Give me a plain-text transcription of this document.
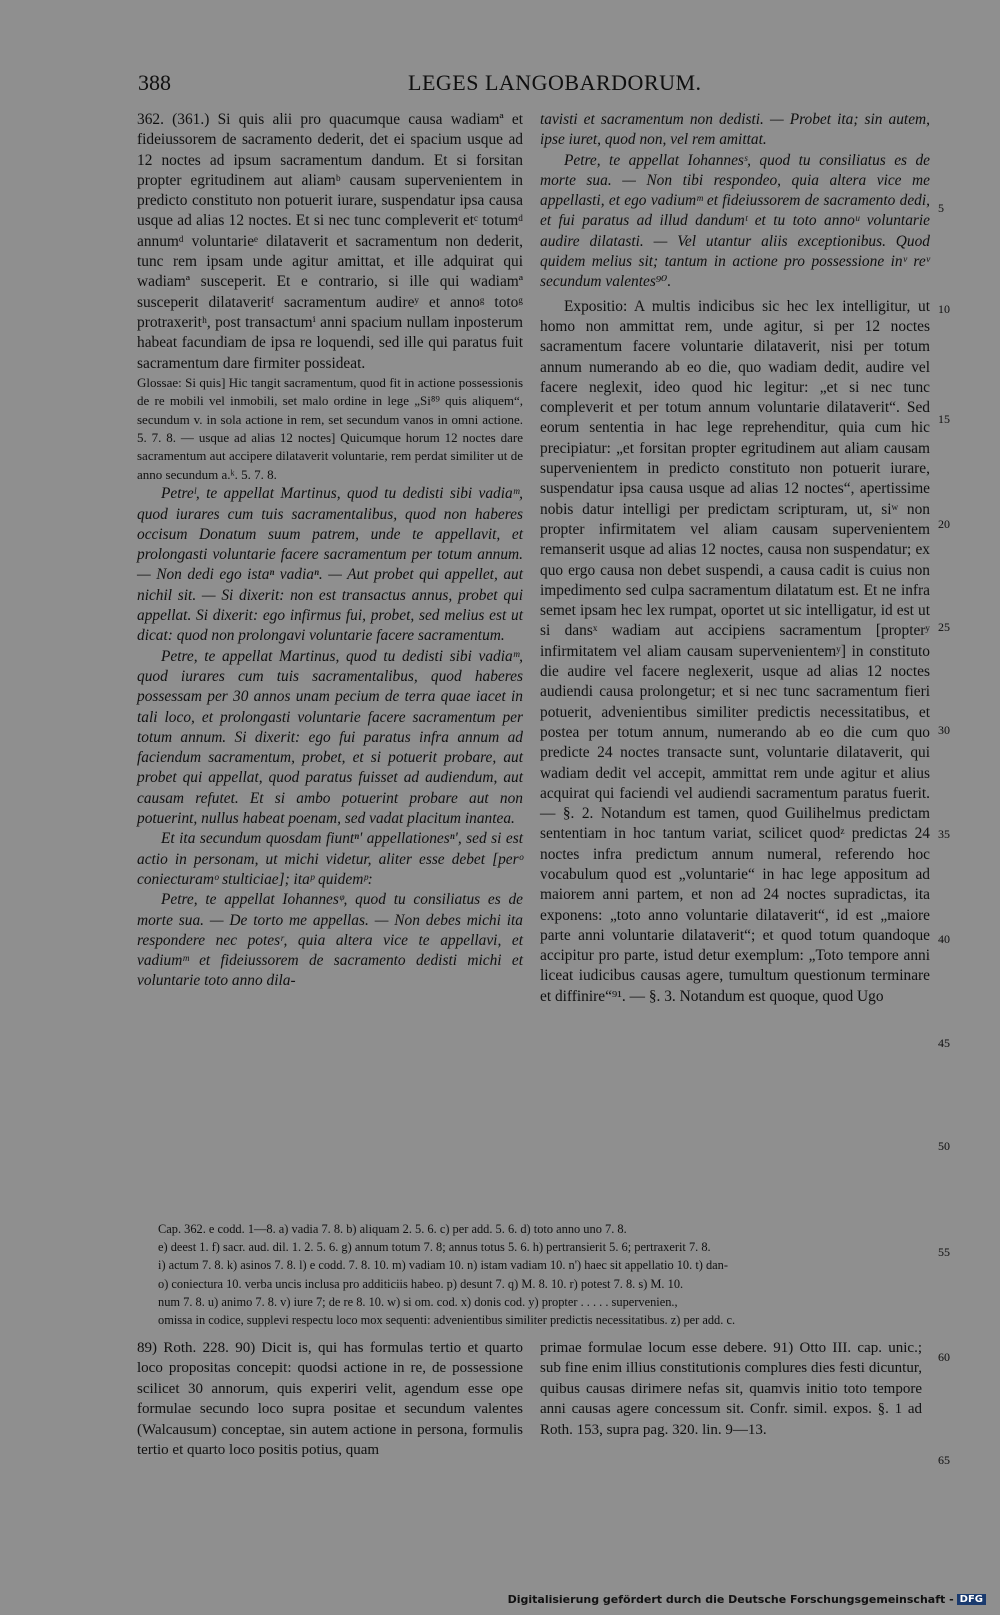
388	LEGES LANGOBARDORUM.

362. (361.) Si quis alii pro quacumque causa wadiamª et fideiussorem de sacramento dederit, det ei spacium usque ad 12 noctes ad ipsum sacramentum dandum. Et si forsitan propter egritudinem aut aliamᵇ causam supervenientem in predicto constituto non potuerit iurare, suspendatur ipsa causa usque ad alias 12 noctes. Et si nec tunc compleverit etᶜ totumᵈ annumᵈ voluntarieᵉ dilataverit et sacramentum non dederit, tunc rem ipsam unde agitur amittat, et ille adquirat qui wadiamª susceperit. Et e contrario, si ille qui wadiamª susceperit dilataveritᶠ sacramentum audireʸ et annoᵍ totoᵍ protraxeritʰ, post transactumⁱ anni spacium nullam inposterum habeat facundiam de ipsa re loquendi, sed ille qui paratus fuit sacramentum dare firmiter possideat.

Glossae: Si quis] Hic tangit sacramentum, quod fit in actione possessionis de re mobili vel inmobili, set malo ordine in lege „Si⁸⁹ quis aliquem“, secundum v. in sola actione in rem, set secundum vanos in omni actione. 5. 7. 8. — usque ad alias 12 noctes] Quicumque horum 12 noctes dare sacramentum aut accipere dilataverit voluntarie, rem perdat similiter ut de anno secundum a.ᵏ. 5. 7. 8.

Petreˡ, te appellat Martinus, quod tu dedisti sibi vadiaᵐ, quod iurares cum tuis sacramentalibus, quod non haberes occisum Donatum suum patrem, unde te appellavit, et prolongasti voluntarie facere sacramentum per totum annum. — Non dedi ego istaⁿ vadiaⁿ. — Aut probet qui appellet, aut nichil sit. — Si dixerit: non est transactus annus, probet qui appellat. Si dixerit: ego infirmus fui, probet, sed melius est ut dicat: quod non prolongavi voluntarie facere sacramentum.

Petre, te appellat Martinus, quod tu dedisti sibi vadiaᵐ, quod iurares cum tuis sacramentalibus, quod haberes possessam per 30 annos unam pecium de terra quae iacet in tali loco, et prolongasti voluntarie facere sacramentum per totum annum. Si dixerit: ego fui paratus infra annum ad faciendum sacramentum, probet, et si potuerit probare, aut probet qui appellat, quod paratus fuisset ad audiendum, aut causam refutet. Et si ambo potuerint probare aut non potuerint, nullus habeat poenam, sed vadat placitum inantea.

Et ita secundum quosdam fiuntⁿ' appellationesⁿ', sed si est actio in personam, ut michi videtur, aliter esse debet [perᵒ coniecturamᵒ stulticiae]; itaᵖ quidemᵖ:

Petre, te appellat Iohannesᵠ, quod tu consiliatus es de morte sua. — De torto me appellas. — Non debes michi ita respondere nec potesʳ, quia altera vice te appellavi, et vadiumᵐ et fideiussorem de sacramento dedisti michi et voluntarie toto anno dila-

tavisti et sacramentum non dedisti. — Probet ita; sin autem, ipse iuret, quod non, vel rem amittat.

Petre, te appellat Iohannesˢ, quod tu consiliatus es de morte sua. — Non tibi respondeo, quia altera vice me appellasti, et ego vadiumᵐ et fideiussorem de sacramento dedi, et fui paratus ad illud dandumᵗ et tu toto annoᵘ voluntarie audire dilatasti. — Vel utantur aliis exceptionibus. Quod quidem melius sit; tantum in actione pro possessione inᵛ reᵛ secundum valentes⁹⁰.

Expositio: A multis indicibus sic hec lex intelligitur, ut homo non ammittat rem, unde agitur, si per 12 noctes sacramentum facere voluntarie dilataverit, nisi per totum annum numerando ab eo die, quo wadiam dedit, audire vel facere neglexit, ideo quod hic legitur: „et si nec tunc compleverit et per totum annum voluntarie dilataverit“. Sed eorum sententia in hac lege reprehenditur, quia cum hic precipiatur: „et forsitan propter egritudinem aut aliam causam supervenientem in predicto constituto non potuerit iurare, suspendatur ipsa causa usque ad alias 12 noctes“, apertissime nobis datur intelligi per predictam scripturam, ut, siʷ non propter infirmitatem vel aliam causam supervenientem remanserit usque ad alias 12 noctes, causa non suspendatur; ex quo ergo causa non debet suspendi, a causa cadit is cuius non impedimento sed culpa sacramentum dilatatum est. Et ne infra semet ipsam hec lex rumpat, oportet ut sic intelligatur, id est ut si dansˣ wadiam aut accipiens sacramentum [propterʸ infirmitatem vel aliam causam supervenientemʸ] in constituto die audire vel facere neglexerit, usque ad alias 12 noctes audiendi causa prolongetur; et si nec tunc sacramentum fieri potuerit, advenientibus similiter predictis necessitatibus, et postea per totum annum, numerando ab eo die cum quo predicte 24 noctes transacte sunt, voluntarie dilataverit, qui wadiam dedit vel accepit, ammittat rem unde agitur et alius acquirat qui faciendi vel audiendi sacramentum paratus fuerit. — §. 2. Notandum est tamen, quod Guilihelmus predictam sententiam in hoc tantum variat, scilicet quodᶻ predictas 24 noctes infra predictum annum numeral, referendo hoc vocabulum quod est „voluntarie“ in hac lege appositum ad maiorem anni partem, et non ad 24 noctes supradictas, ita exponens: „toto anno voluntarie dilataverit“, id est „maiore parte anni voluntarie dilataverit“; et quod totum quandoque accipitur pro parte, istud detur exemplum: „Toto tempore anni liceat iudicibus causas agere, tumultum questionum terminare et diffinire“⁹¹. — §. 3. Notandum est quoque, quod Ugo

5
10
15
20
25
30
35
40
45
50
55
60
65

Cap. 362. e codd. 1—8. a) vadia 7. 8. b) aliquam 2. 5. 6. c) per add. 5. 6. d) toto anno uno 7. 8.

e) deest 1. f) sacr. aud. dil. 1. 2. 5. 6. g) annum totum 7. 8; annus totus 5. 6. h) pertransierit 5. 6; pertraxerit 7. 8.

i) actum 7. 8. k) asinos 7. 8. l) e codd. 7. 8. 10. m) vadiam 10. n) istam vadiam 10. n') haec sit appellatio 10. t) dan-

o) coniectura 10. verba uncis inclusa pro additiciis habeo. p) desunt 7. q) M. 8. 10. r) potest 7. 8. s) M. 10.

num 7. 8. u) animo 7. 8. v) iure 7; de re 8. 10. w) si om. cod. x) donis cod. y) propter . . . . . supervenien.,

omissa in codice, supplevi respectu loco mox sequenti: advenientibus similiter predictis necessitatibus. z) per add. c.

89) Roth. 228. 90) Dicit is, qui has formulas tertio et quarto loco propositas concepit: quodsi actione in re, de possessione scilicet 30 annorum, quis experiri velit, agendum esse ope formulae secundo loco supra positae et secundum valentes (Walcausum) conceptae, sin autem actione in persona, formulis tertio et quarto loco positis potius, quam
primae formulae locum esse debere. 91) Otto III. cap. unic.; sub fine enim illius constitutionis complures dies festi dicuntur, quibus causas dirimere nefas sit, quamvis initio toto tempore anni causas agere concessum sit. Confr. simil. expos. §. 1 ad Roth. 153, supra pag. 320. lin. 9—13.
Digitalisierung gefördert durch die Deutsche Forschungsgemeinschaft - DFG
